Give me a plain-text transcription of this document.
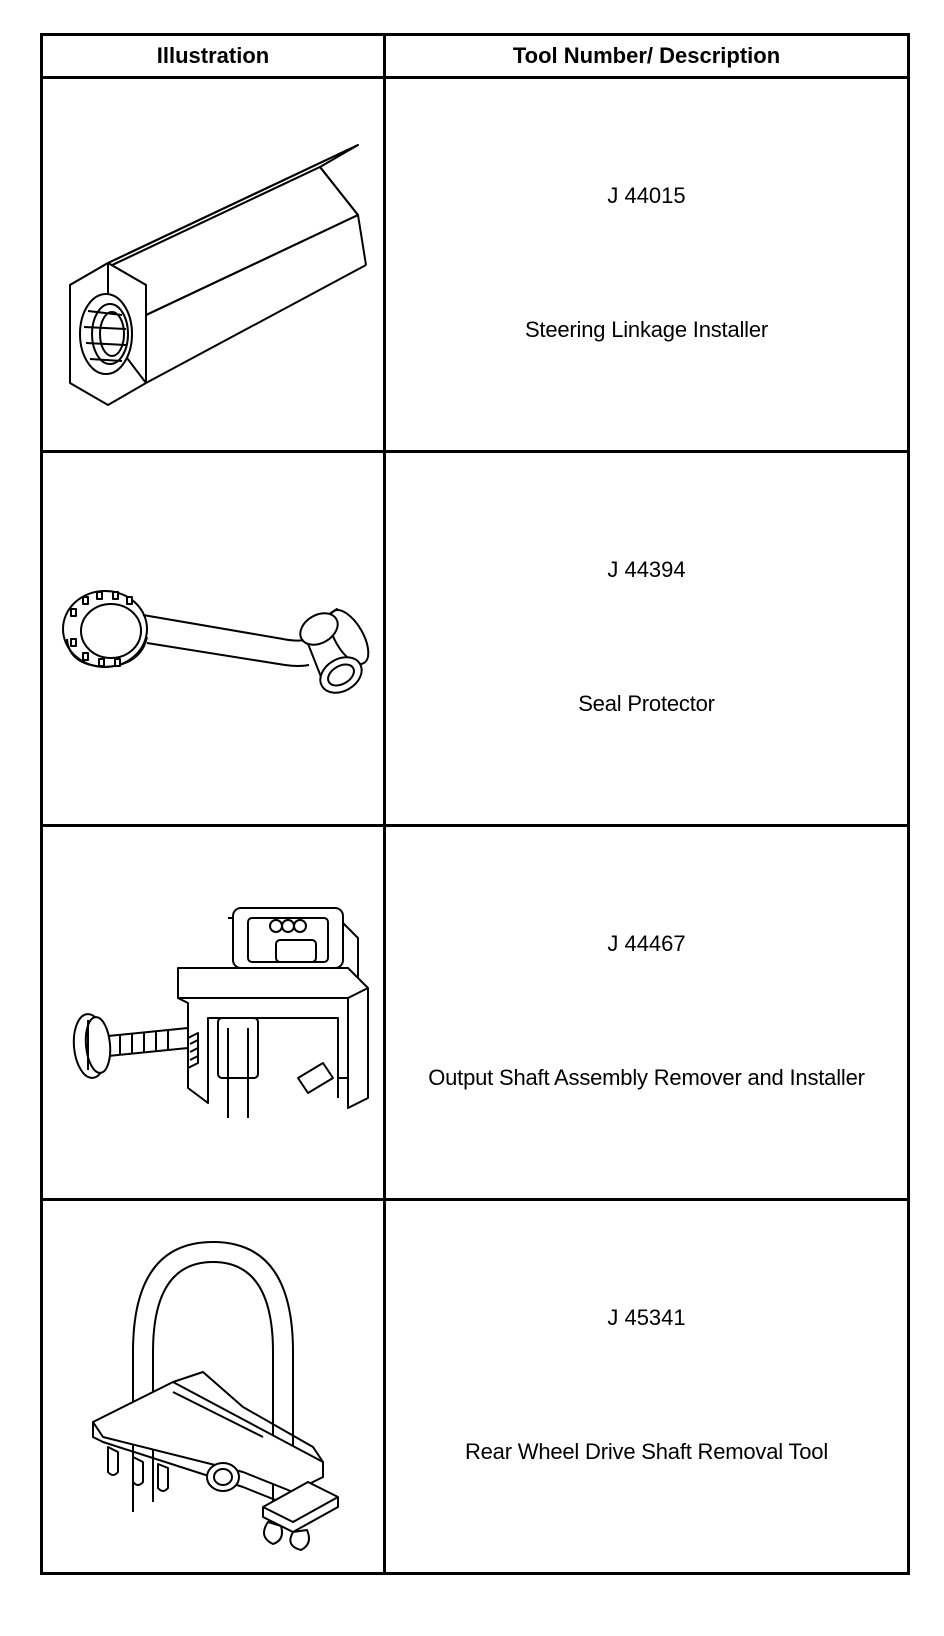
Illustration	Tool Number/ Description

J 44015
Steering Linkage Installer

J 44394
Seal Protector

J 44467
Output Shaft Assembly Remover and Installer

J 45341
Rear Wheel Drive Shaft Removal Tool
